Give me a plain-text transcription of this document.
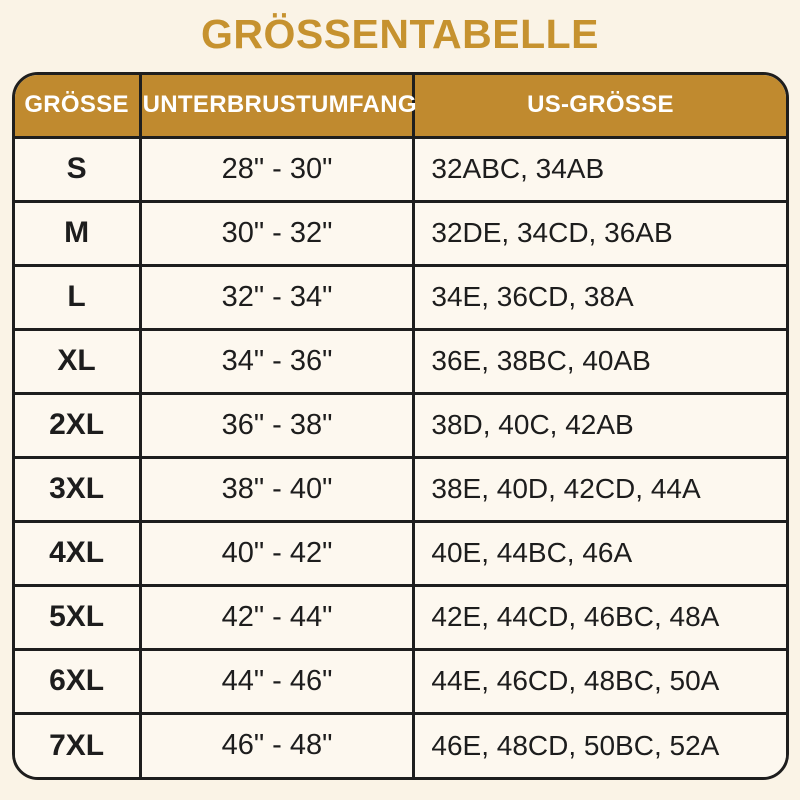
GRÖSSENTABELLE
GRÖSSE	UNTERBRUSTUMFANG	US-GRÖSSE
S	28" - 30"	32ABC, 34AB
M	30" - 32"	32DE, 34CD, 36AB
L	32" - 34"	34E, 36CD, 38A
XL	34" - 36"	36E, 38BC, 40AB
2XL	36" - 38"	38D, 40C, 42AB
3XL	38" - 40"	38E, 40D, 42CD, 44A
4XL	40" - 42"	40E, 44BC, 46A
5XL	42" - 44"	42E, 44CD, 46BC, 48A
6XL	44" - 46"	44E, 46CD, 48BC, 50A
7XL	46" - 48"	46E, 48CD, 50BC, 52A
